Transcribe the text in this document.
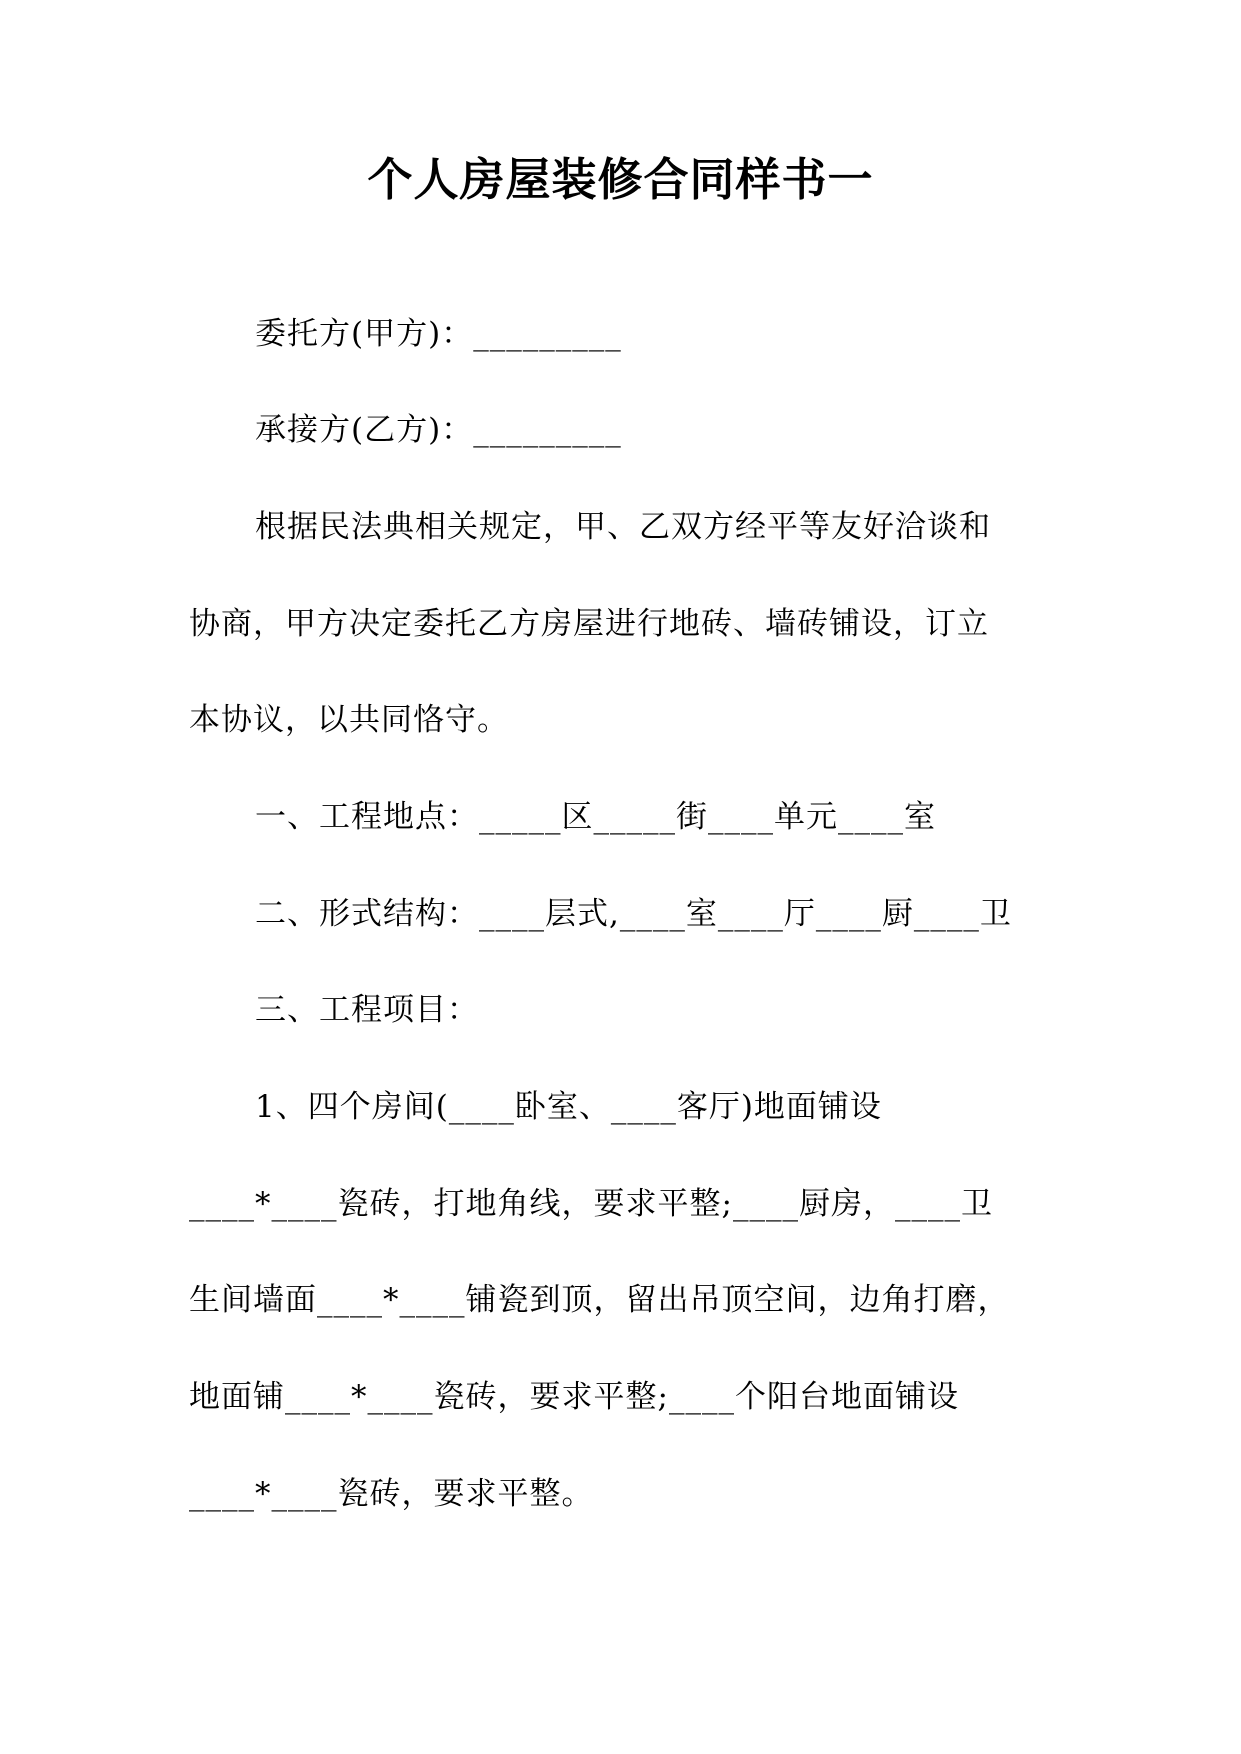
个人房屋装修合同样书一
委托方(甲方)：_________
承接方(乙方)：_________
根据民法典相关规定，甲、乙双方经平等友好洽谈和
协商，甲方决定委托乙方房屋进行地砖、墙砖铺设，订立
本协议，以共同恪守。
一、工程地点：_____区_____街____单元____室
二、形式结构：____层式,____室____厅____厨____卫
三、工程项目：
1、四个房间(____卧室、____客厅)地面铺设
____*____瓷砖，打地角线，要求平整;____厨房，____卫
生间墙面____*____铺瓷到顶，留出吊顶空间，边角打磨，
地面铺____*____瓷砖，要求平整;____个阳台地面铺设
____*____瓷砖，要求平整。
